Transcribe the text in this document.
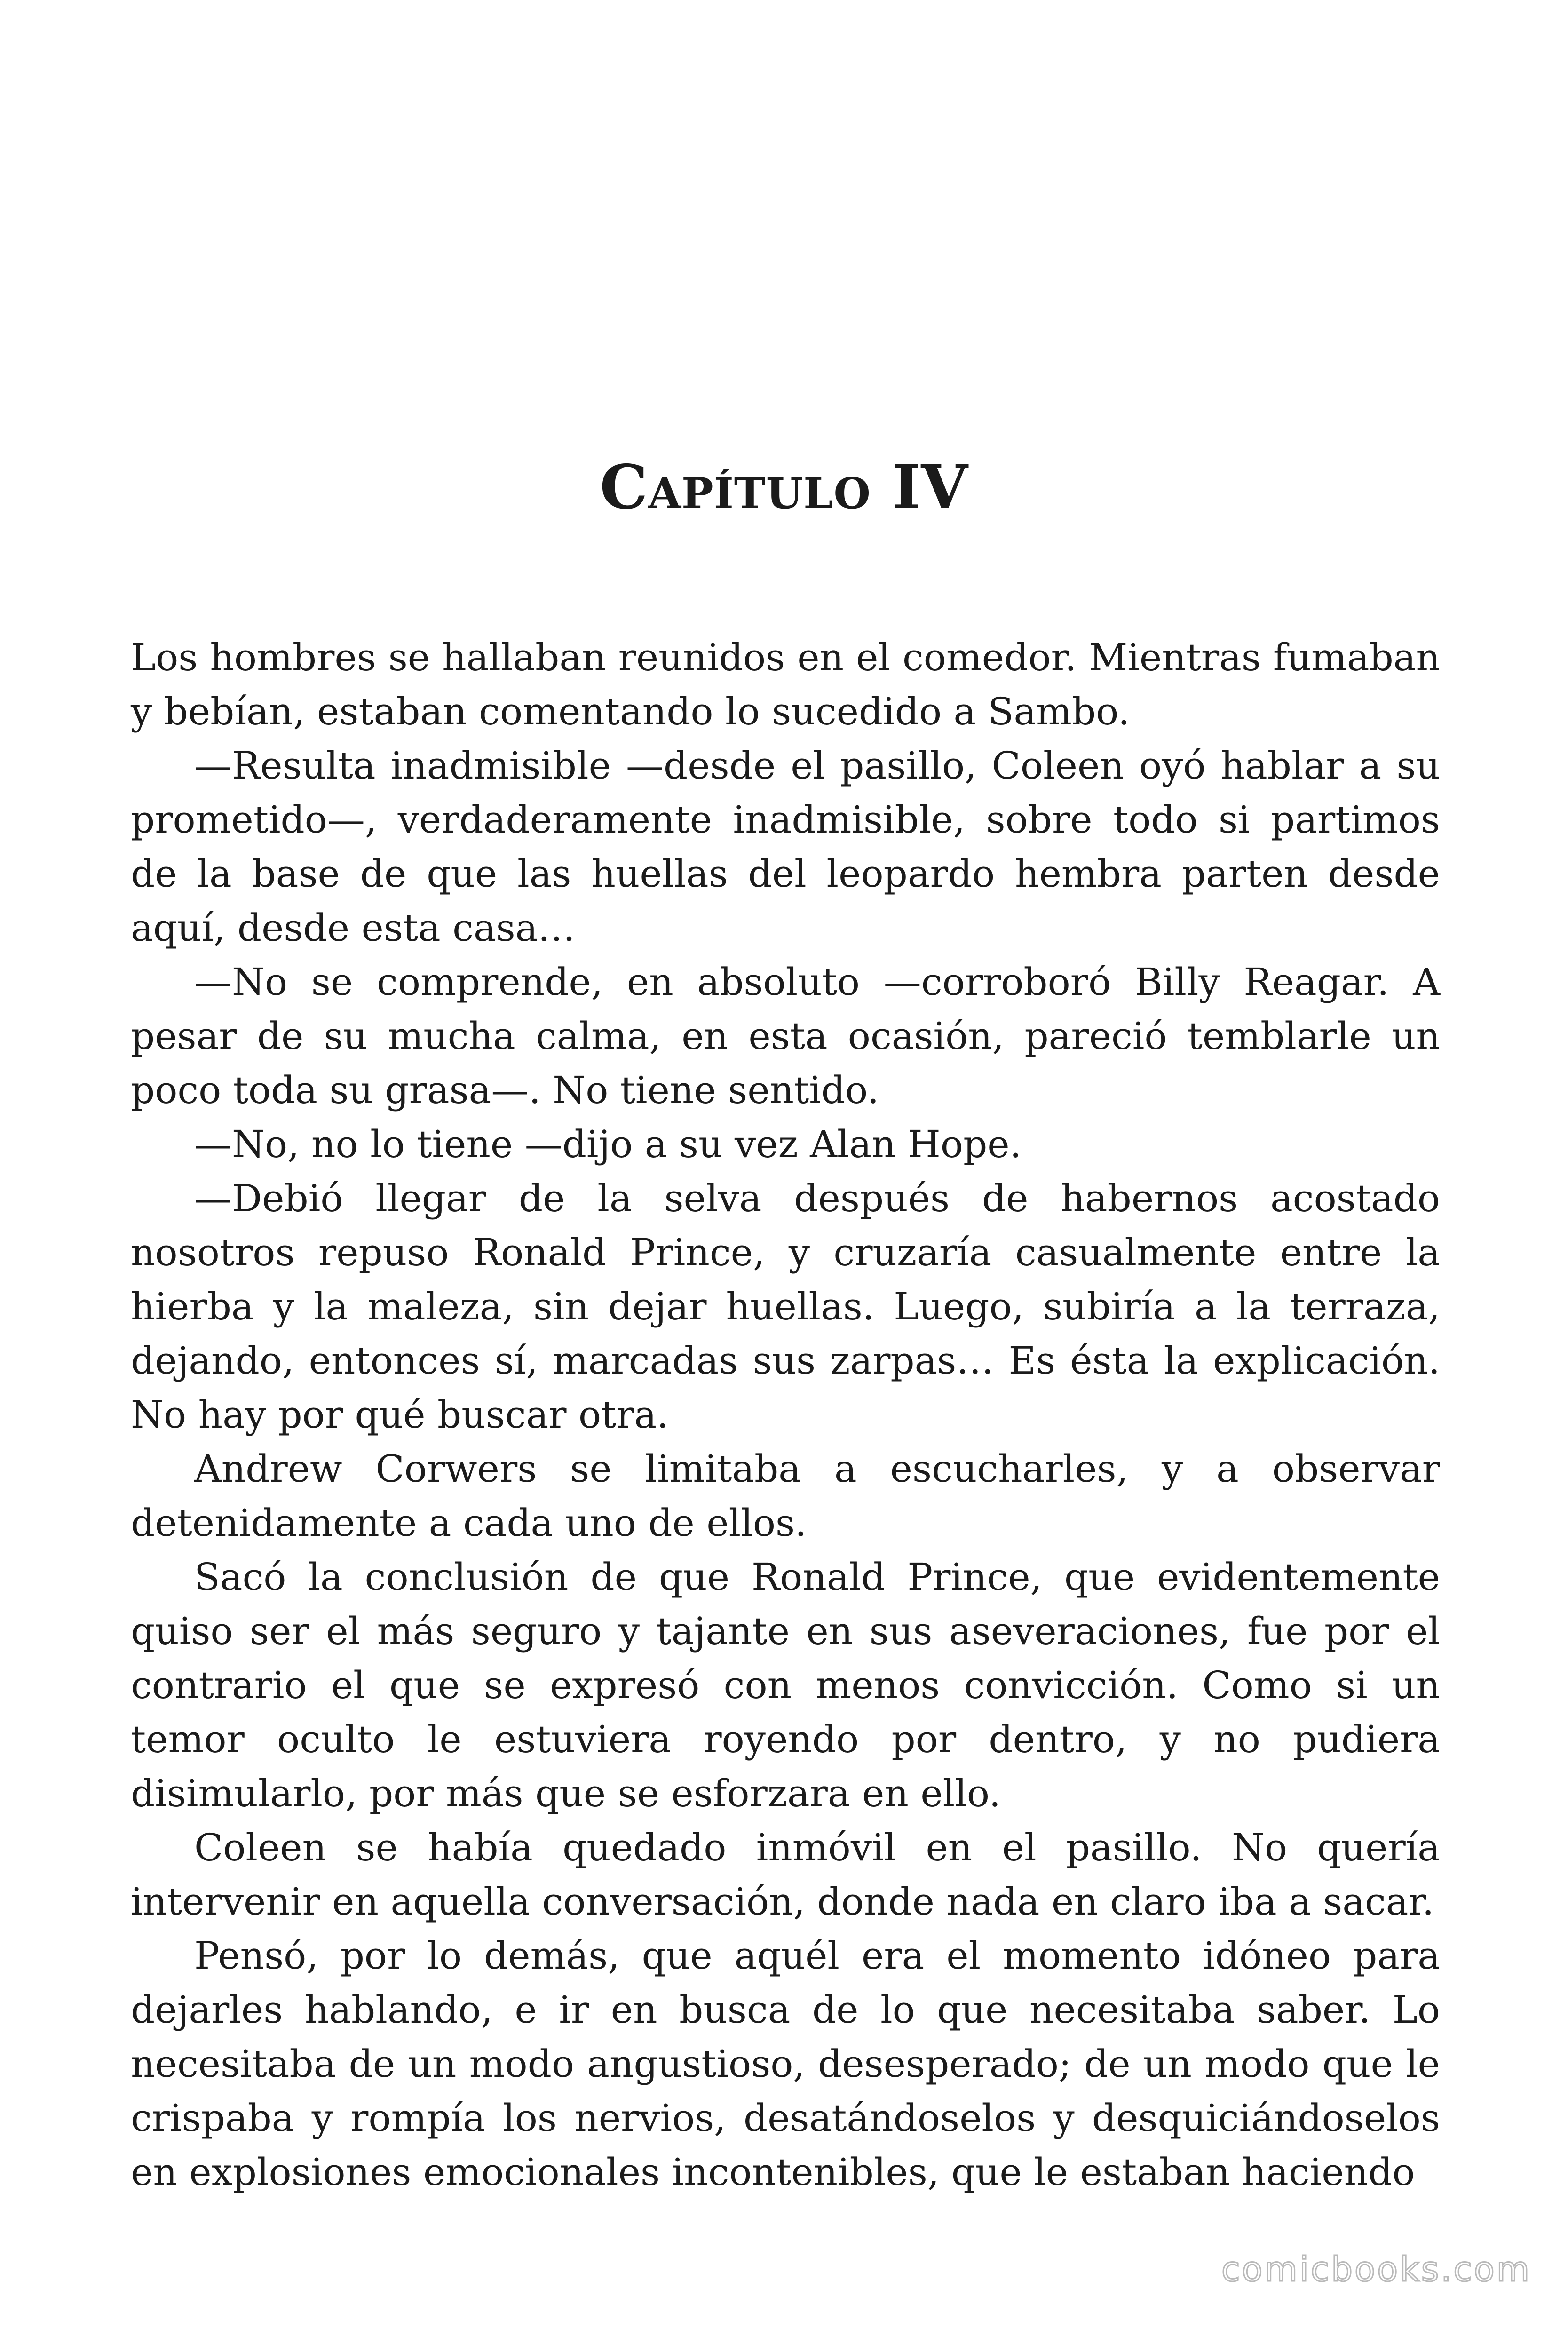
Capítulo IV

Los hombres se hallaban reunidos en el comedor. Mientras fumaban y bebían, estaban comentando lo sucedido a Sambo.

—Resulta inadmisible —desde el pasillo, Coleen oyó hablar a su prometido—, verdaderamente inadmisible, sobre todo si partimos de la base de que las huellas del leopardo hembra parten desde aquí, desde esta casa…

—No se comprende, en absoluto —corroboró Billy Reagar. A pesar de su mucha calma, en esta ocasión, pareció temblarle un poco toda su grasa—. No tiene sentido.

—No, no lo tiene —dijo a su vez Alan Hope.

—Debió llegar de la selva después de habernos acostado nosotros repuso Ronald Prince, y cruzaría casualmente entre la hierba y la maleza, sin dejar huellas. Luego, subiría a la terraza, dejando, entonces sí, marcadas sus zarpas… Es ésta la explicación. No hay por qué buscar otra.

Andrew Corwers se limitaba a escucharles, y a observar detenidamente a cada uno de ellos.

Sacó la conclusión de que Ronald Prince, que evidentemente quiso ser el más seguro y tajante en sus aseveraciones, fue por el contrario el que se expresó con menos convicción. Como si un temor oculto le estuviera royendo por dentro, y no pudiera disimularlo, por más que se esforzara en ello.

Coleen se había quedado inmóvil en el pasillo. No quería intervenir en aquella conversación, donde nada en claro iba a sacar.

Pensó, por lo demás, que aquél era el momento idóneo para dejarles hablando, e ir en busca de lo que necesitaba saber. Lo necesitaba de un modo angustioso, desesperado; de un modo que le crispaba y rompía los nervios, desatándoselos y desquiciándoselos en explosiones emocionales incontenibles, que le estaban haciendo

comicbooks.com
